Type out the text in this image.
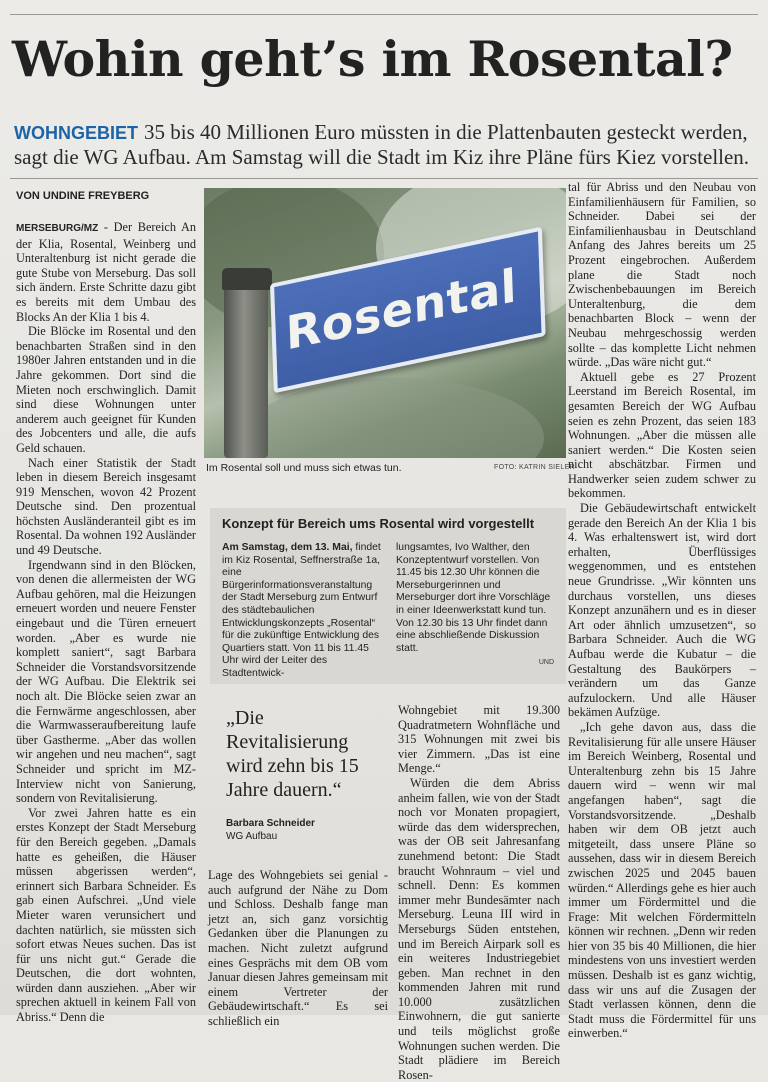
Wohin geht’s im Rosental?
WOHNGEBIET 35 bis 40 Millionen Euro müssten in die Plattenbauten gesteckt werden, sagt die WG Aufbau. Am Samstag will die Stadt im Kiz ihre Pläne fürs Kiez vorstellen.
VON UNDINE FREYBERG

MERSEBURG/MZ - Der Bereich An der Klia, Rosental, Weinberg und Unteraltenburg ist nicht gerade die gute Stube von Merseburg. Das soll sich ändern. Erste Schritte dazu gibt es bereits mit dem Umbau des Blocks An der Klia 1 bis 4.

Die Blöcke im Rosental und den benachbarten Straßen sind in den 1980er Jahren entstanden und in die Jahre gekommen. Dort sind die Mieten noch erschwinglich. Damit sind diese Wohnungen unter anderem auch geeignet für Kunden des Jobcenters und alle, die aufs Geld schauen.

Nach einer Statistik der Stadt leben in diesem Bereich insgesamt 919 Menschen, wovon 42 Prozent Deutsche sind. Den prozentual höchsten Ausländeranteil gibt es im Rosental. Da wohnen 192 Ausländer und 49 Deutsche.

Irgendwann sind in den Blöcken, von denen die allermeisten der WG Aufbau gehören, mal die Heizungen erneuert worden und neuere Fenster eingebaut und die Türen erneuert worden. „Aber es wurde nie komplett saniert“, sagt Barbara Schneider die Vorstandsvorsitzende der WG Aufbau. Die Elektrik sei noch alt. Die Blöcke seien zwar an die Fernwärme angeschlossen, aber die Warmwasseraufbereitung laufe über Gastherme. „Aber das wollen wir angehen und neu machen“, sagt Schneider und spricht im MZ-Interview nicht von Sanierung, sondern von Revitalisierung.

Vor zwei Jahren hatte es ein erstes Konzept der Stadt Merseburg für den Bereich gegeben. „Damals hatte es geheißen, die Häuser müssen abgerissen werden“, erinnert sich Barbara Schneider. Es gab einen Aufschrei. „Und viele Mieter waren verunsichert und dachten natürlich, sie müssten sich sofort etwas Neues suchen. Das ist für uns nicht gut.“ Gerade die Deutschen, die dort wohnten, würden dann ausziehen. „Aber wir sprechen aktuell in keinem Fall von Abriss.“ Denn die

Rosental
Im Rosental soll und muss sich etwas tun.	FOTO: KATRIN SIELER
Konzept für Bereich ums Rosental wird vorgestellt
Am Samstag, dem 13. Mai, findet im Kiz Rosental, Seffnerstraße 1a, eine Bürgerinformationsveranstaltung der Stadt Merseburg zum Entwurf des städtebaulichen Entwicklungskonzepts „Rosental“ für die zukünftige Entwicklung des Quartiers statt. Von 11 bis 11.45 Uhr wird der Leiter des Stadtentwick-
lungsamtes, Ivo Walther, den Konzeptentwurf vorstellen. Von 11.45 bis 12.30 Uhr können die Merseburgerinnen und Merseburger dort ihre Vorschläge in einer Ideenwerkstatt kund tun. Von 12.30 bis 13 Uhr findet dann eine abschließende Diskussion statt.
UND
„Die Revitalisierung wird zehn bis 15 Jahre dauern.“
Barbara Schneider
WG Aufbau

Lage des Wohngebiets sei genial - auch aufgrund der Nähe zu Dom und Schloss. Deshalb fange man jetzt an, sich ganz vorsichtig Gedanken über die Planungen zu machen. Nicht zuletzt aufgrund eines Gesprächs mit dem OB vom Januar diesen Jahres gemeinsam mit einem Vertreter der Gebäudewirtschaft.“ Es sei schließlich ein

Wohngebiet mit 19.300 Quadratmetern Wohnfläche und 315 Wohnungen mit zwei bis vier Zimmern. „Das ist eine Menge.“

Würden die dem Abriss anheim fallen, wie von der Stadt noch vor Monaten propagiert, würde das dem widersprechen, was der OB seit Jahresanfang zunehmend betont: Die Stadt braucht Wohnraum – viel und schnell. Denn: Es kommen immer mehr Bundesämter nach Merseburg. Leuna III wird in Merseburgs Süden entstehen, und im Bereich Airpark soll es ein weiteres Industriegebiet geben. Man rechnet in den kommenden Jahren mit rund 10.000 zusätzlichen Einwohnern, die gut sanierte und teils möglichst große Wohnungen suchen werden. Die Stadt plädiere im Bereich Rosen-

tal für Abriss und den Neubau von Einfamilienhäusern für Familien, so Schneider. Dabei sei der Einfamilienhausbau in Deutschland Anfang des Jahres bereits um 25 Prozent eingebrochen. Außerdem plane die Stadt noch Zwischenbebauungen im Bereich Unteraltenburg, die dem benachbarten Block – wenn der Neubau mehrgeschossig werden sollte – das komplette Licht nehmen würde. „Das wäre nicht gut.“

Aktuell gebe es 27 Prozent Leerstand im Bereich Rosental, im gesamten Bereich der WG Aufbau seien es zehn Prozent, das seien 183 Wohnungen. „Aber die müssen alle saniert werden.“ Die Kosten seien nicht abschätzbar. Firmen und Handwerker seien zudem schwer zu bekommen.

Die Gebäudewirtschaft entwickelt gerade den Bereich An der Klia 1 bis 4. Was erhaltenswert ist, wird dort erhalten, Überflüssiges weggenommen, und es entstehen neue Grundrisse. „Wir könnten uns durchaus vorstellen, uns dieses Konzept anzunähern und es in dieser Art oder ähnlich umzusetzen“, so Barbara Schneider. Auch die WG Aufbau werde die Kubatur – die Gestaltung des Baukörpers – verändern um das Ganze aufzulockern. Und alle Häuser bekämen Aufzüge.

„Ich gehe davon aus, dass die Revitalisierung für alle unsere Häuser im Bereich Weinberg, Rosental und Unteraltenburg zehn bis 15 Jahre dauern wird – wenn wir mal angefangen haben“, sagt die Vorstandsvorsitzende. „Deshalb haben wir dem OB jetzt auch mitgeteilt, dass unsere Pläne so aussehen, dass wir in diesem Bereich zwischen 2025 und 2045 bauen würden.“ Allerdings gehe es hier auch immer um Fördermittel und die Frage: Mit welchen Fördermitteln können wir rechnen. „Denn wir reden hier von 35 bis 40 Millionen, die hier mindestens von uns investiert werden müssen. Deshalb ist es ganz wichtig, dass wir uns auf die Zusagen der Stadt verlassen können, denn die Stadt muss die Fördermittel für uns einwerben.“
